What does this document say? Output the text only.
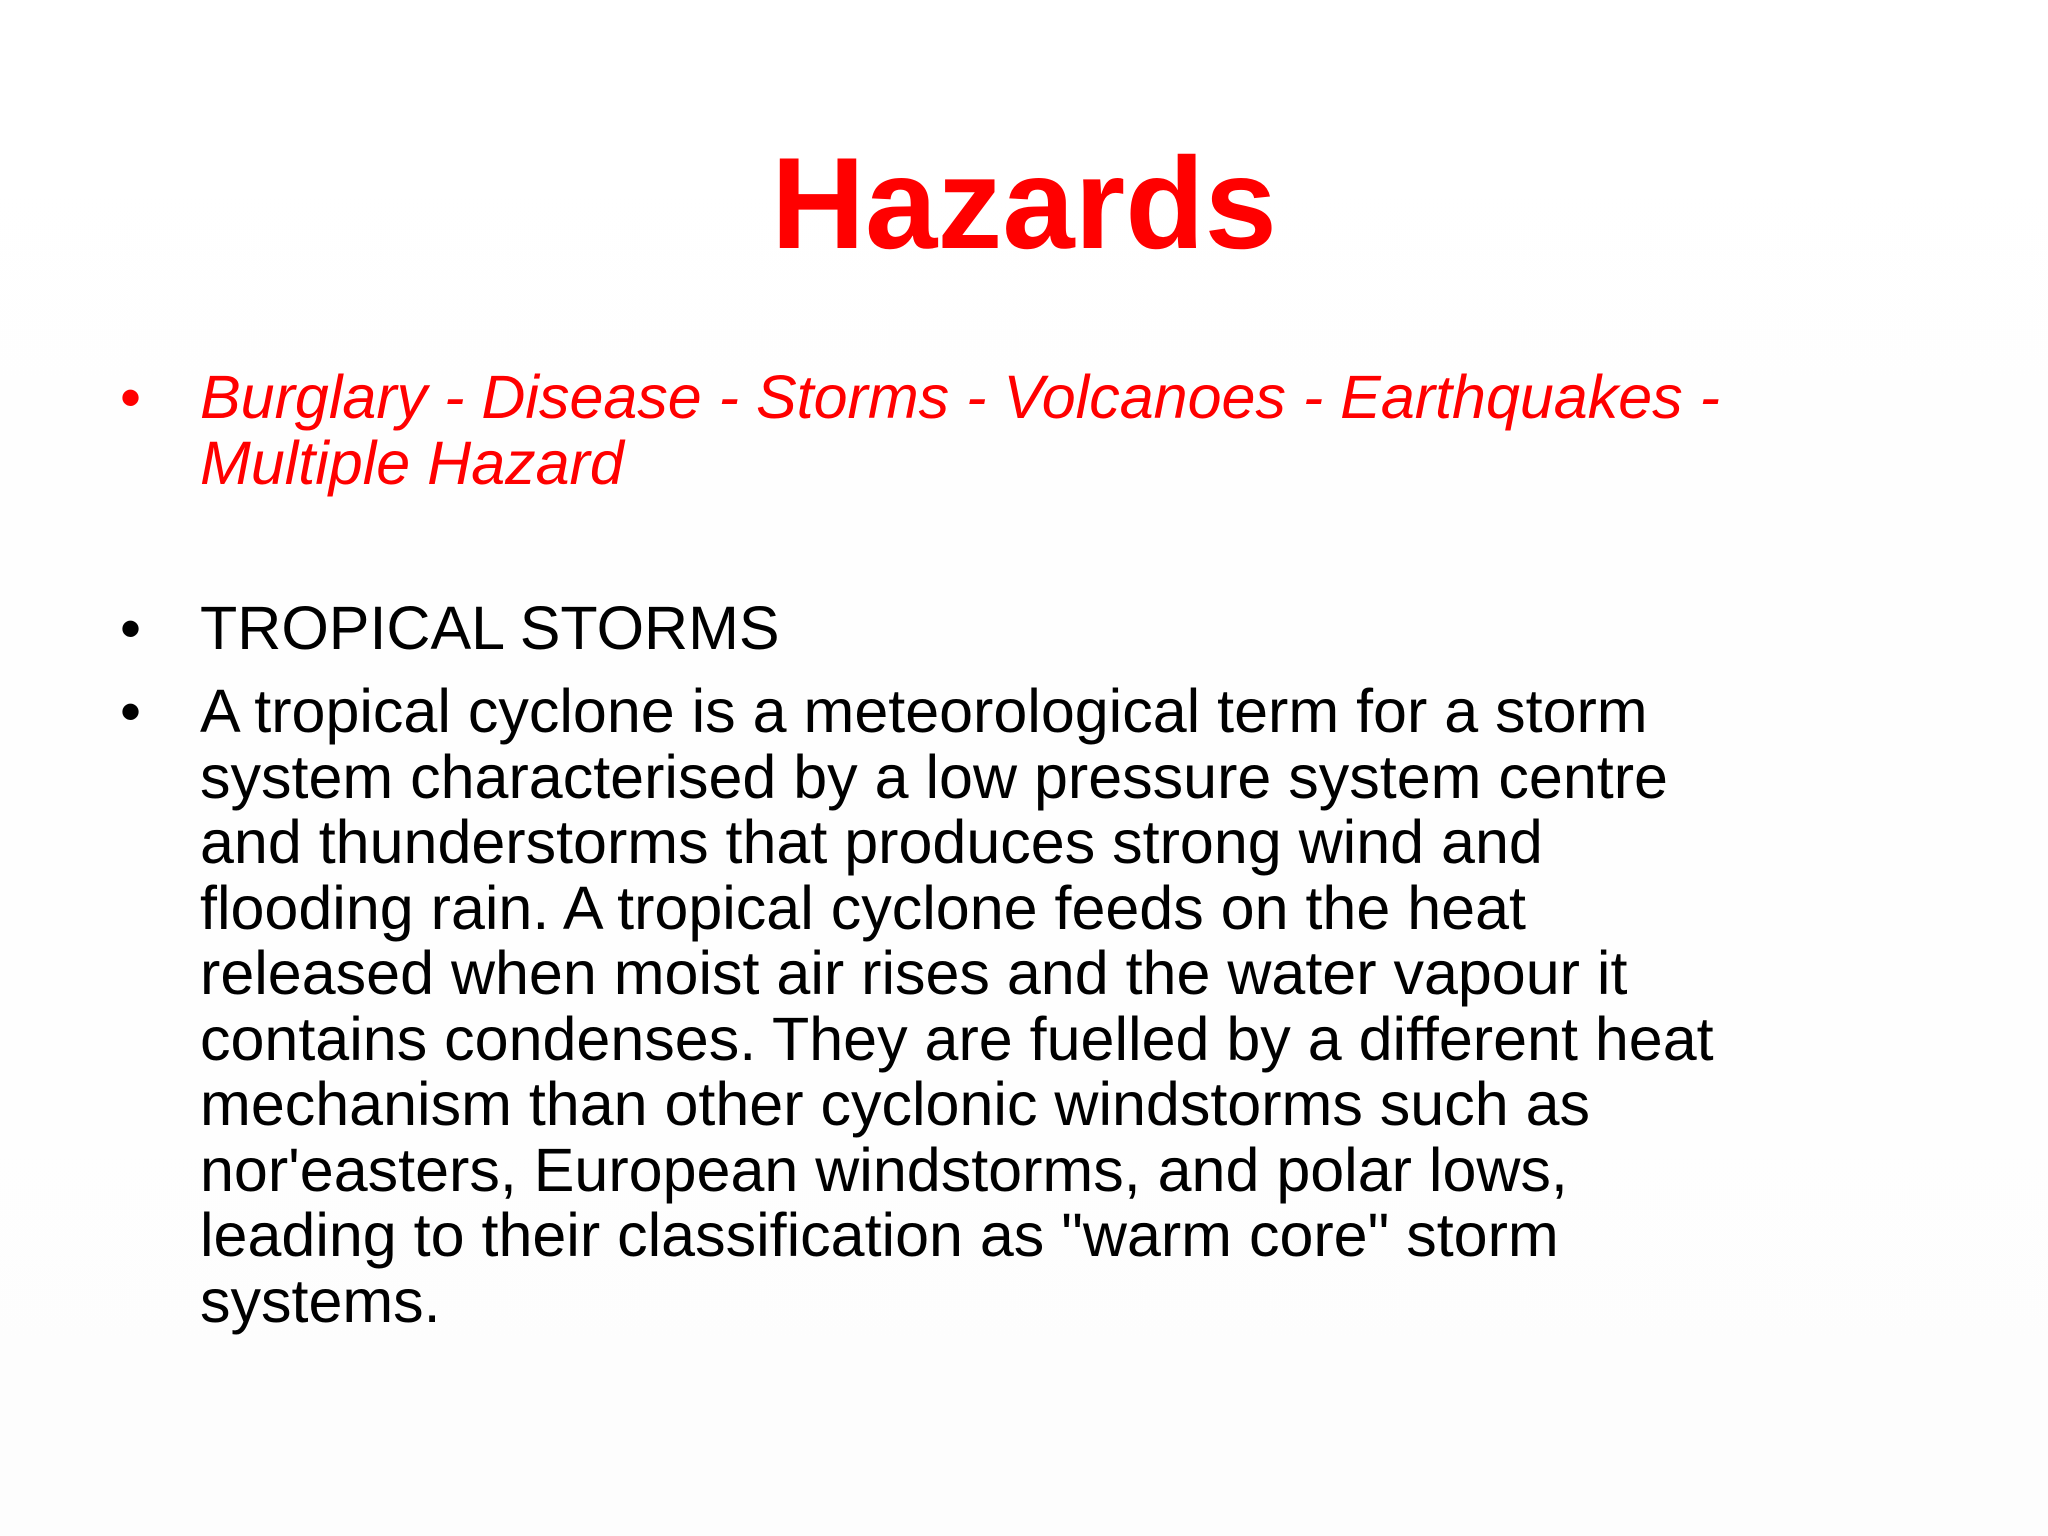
Hazards
• Burglary - Disease - Storms - Volcanoes - Earthquakes -
Multiple Hazard
• TROPICAL STORMS
• A tropical cyclone is a meteorological term for a storm
system characterised by a low pressure system centre
and thunderstorms that produces strong wind and
flooding rain. A tropical cyclone feeds on the heat
released when moist air rises and the water vapour it
contains condenses. They are fuelled by a different heat
mechanism than other cyclonic windstorms such as
nor'easters, European windstorms, and polar lows,
leading to their classification as "warm core" storm
systems.
